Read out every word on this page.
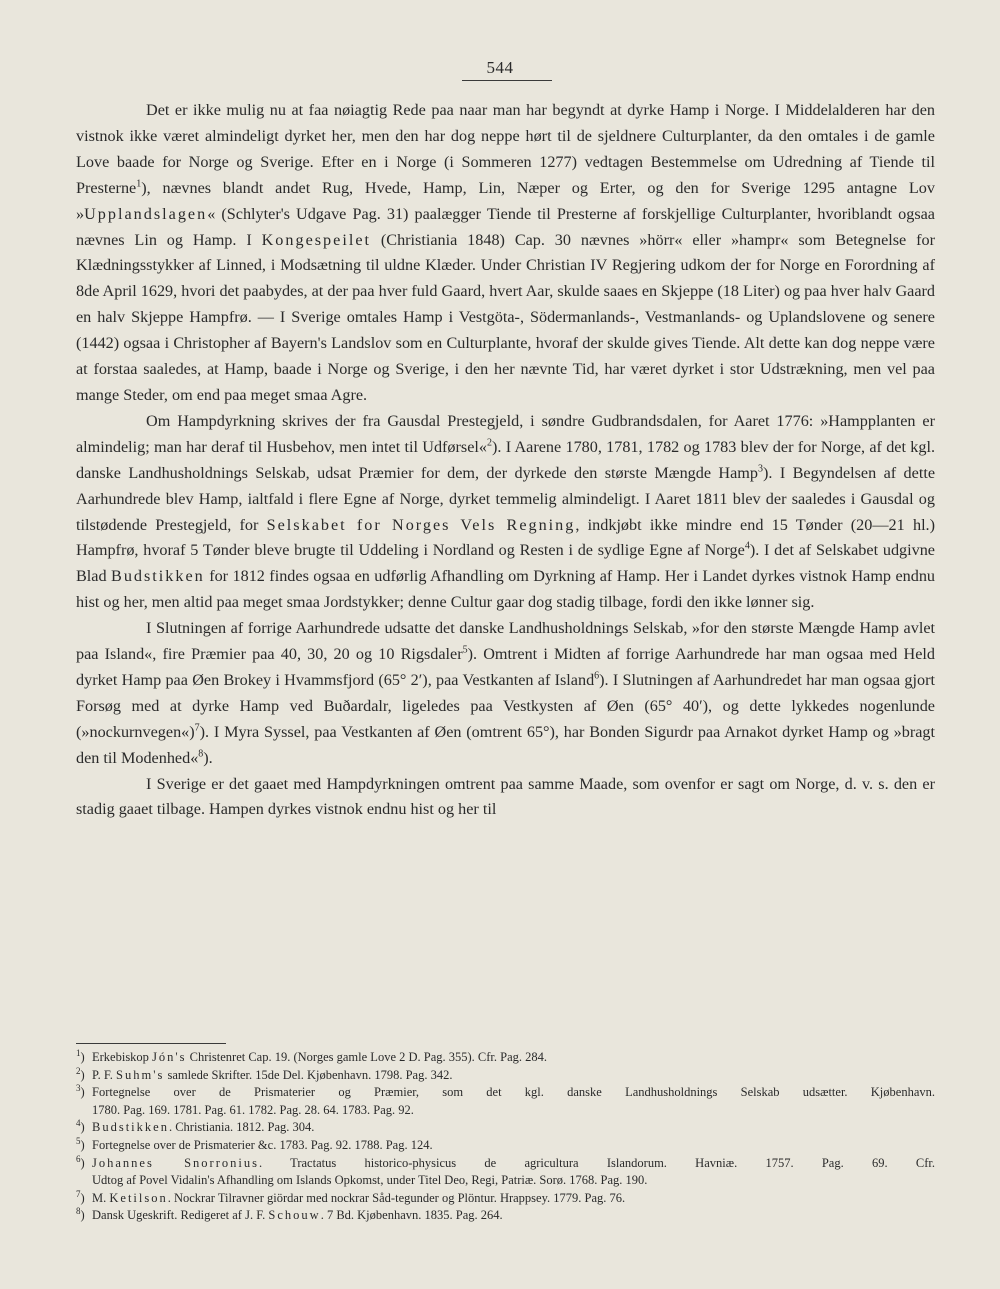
544

Det er ikke mulig nu at faa nøiagtig Rede paa naar man har begyndt at dyrke Hamp i Norge. I Middelalderen har den vistnok ikke været almindeligt dyrket her, men den har dog neppe hørt til de sjeldnere Culturplanter, da den omtales i de gamle Love baade for Norge og Sverige. Efter en i Norge (i Sommeren 1277) vedtagen Bestemmelse om Udredning af Tiende til Presterne$^1$), nævnes blandt andet Rug, Hvede, Hamp, Lin, Næper og Erter, og den for Sverige 1295 antagne Lov »Upplandslagen« (Schlyter's Udgave Pag. 31) paalægger Tiende til Presterne af forskjellige Culturplanter, hvoriblandt ogsaa nævnes Lin og Hamp. I Kongespeilet (Christiania 1848) Cap. 30 nævnes »hörr« eller »hampr« som Betegnelse for Klædningsstykker af Linned, i Modsætning til uldne Klæder. Under Christian IV Regjering udkom der for Norge en Forordning af 8de April 1629, hvori det paabydes, at der paa hver fuld Gaard, hvert Aar, skulde saaes en Skjeppe (18 Liter) og paa hver halv Gaard en halv Skjeppe Hampfrø. — I Sverige omtales Hamp i Vestgöta-, Södermanlands-, Vestmanlands- og Uplandslovene og senere (1442) ogsaa i Christopher af Bayern's Landslov som en Culturplante, hvoraf der skulde gives Tiende. Alt dette kan dog neppe være at forstaa saaledes, at Hamp, baade i Norge og Sverige, i den her nævnte Tid, har været dyrket i stor Udstrækning, men vel paa mange Steder, om end paa meget smaa Agre.

Om Hampdyrkning skrives der fra Gausdal Prestegjeld, i søndre Gudbrandsdalen, for Aaret 1776: »Hampplanten er almindelig; man har deraf til Husbehov, men intet til Udførsel«$^2$). I Aarene 1780, 1781, 1782 og 1783 blev der for Norge, af det kgl. danske Landhusholdnings Selskab, udsat Præmier for dem, der dyrkede den største Mængde Hamp$^3$). I Begyndelsen af dette Aarhundrede blev Hamp, ialtfald i flere Egne af Norge, dyrket temmelig almindeligt. I Aaret 1811 blev der saaledes i Gausdal og tilstødende Prestegjeld, for Selskabet for Norges Vels Regning, indkjøbt ikke mindre end 15 Tønder (20—21 hl.) Hampfrø, hvoraf 5 Tønder bleve brugte til Uddeling i Nordland og Resten i de sydlige Egne af Norge$^4$). I det af Selskabet udgivne Blad Budstikken for 1812 findes ogsaa en udførlig Afhandling om Dyrkning af Hamp. Her i Landet dyrkes vistnok Hamp endnu hist og her, men altid paa meget smaa Jordstykker; denne Cultur gaar dog stadig tilbage, fordi den ikke lønner sig.

I Slutningen af forrige Aarhundrede udsatte det danske Landhusholdnings Selskab, »for den største Mængde Hamp avlet paa Island«, fire Præmier paa 40, 30, 20 og 10 Rigsdaler$^5$). Omtrent i Midten af forrige Aarhundrede har man ogsaa med Held dyrket Hamp paa Øen Brokey i Hvammsfjord (65° 2′), paa Vestkanten af Island$^6$). I Slutningen af Aarhundredet har man ogsaa gjort Forsøg med at dyrke Hamp ved Buðardalr, ligeledes paa Vestkysten af Øen (65° 40′), og dette lykkedes nogenlunde (»nockurnvegen«)$^7$). I Myra Syssel, paa Vestkanten af Øen (omtrent 65°), har Bonden Sigurdr paa Arnakot dyrket Hamp og »bragt den til Modenhed«$^8$).

I Sverige er det gaaet med Hampdyrkningen omtrent paa samme Maade, som ovenfor er sagt om Norge, d. v. s. den er stadig gaaet tilbage. Hampen dyrkes vistnok endnu hist og her til

$^1$) Erkebiskop Jón's Christenret Cap. 19. (Norges gamle Love 2 D. Pag. 355). Cfr. Pag. 284.
$^2$) P. F. Suhm's samlede Skrifter. 15de Del. Kjøbenhavn. 1798. Pag. 342.
$^3$) Fortegnelse over de Prismaterier og Præmier, som det kgl. danske Landhusholdnings Selskab udsætter. Kjøbenhavn.
1780. Pag. 169. 1781. Pag. 61. 1782. Pag. 28. 64. 1783. Pag. 92.
$^4$) Budstikken. Christiania. 1812. Pag. 304.
$^5$) Fortegnelse over de Prismaterier &c. 1783. Pag. 92. 1788. Pag. 124.
$^6$) Johannes Snorronius. Tractatus historico-physicus de agricultura Islandorum. Havniæ. 1757. Pag. 69. Cfr.
Udtog af Povel Vidalin's Afhandling om Islands Opkomst, under Titel Deo, Regi, Patriæ. Sorø. 1768. Pag. 190.
$^7$) M. Ketilson. Nockrar Tilravner giördar med nockrar Såd-tegunder og Plöntur. Hrappsey. 1779. Pag. 76.
$^8$) Dansk Ugeskrift. Redigeret af J. F. Schouw. 7 Bd. Kjøbenhavn. 1835. Pag. 264.
